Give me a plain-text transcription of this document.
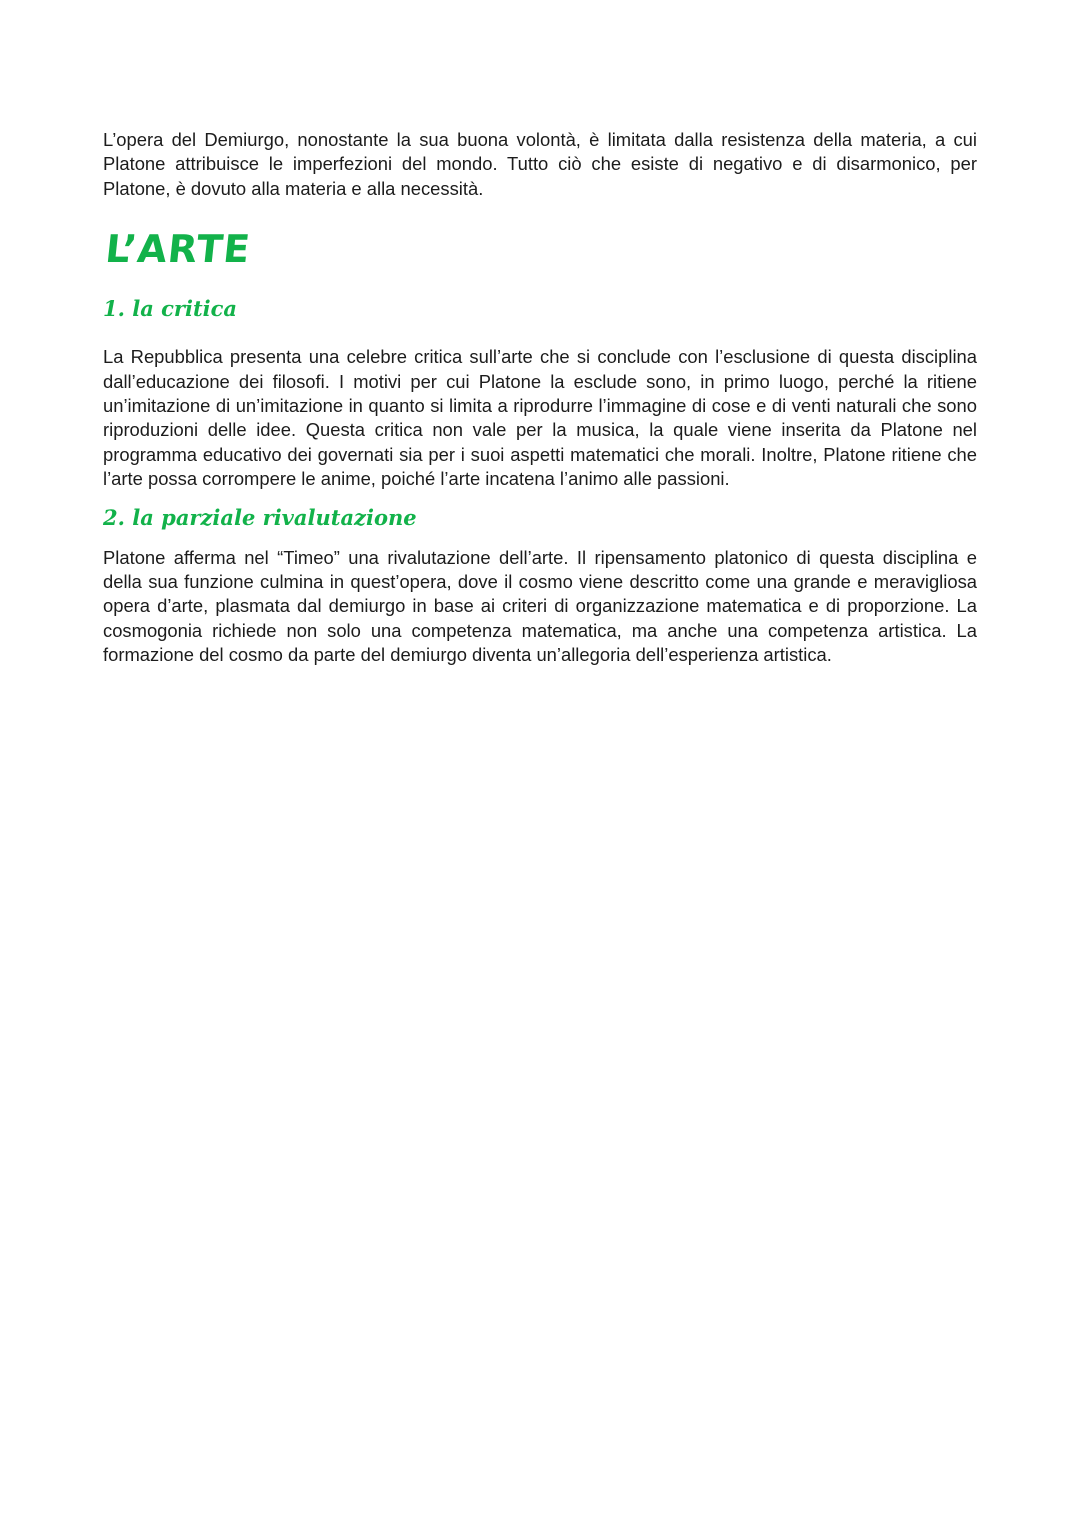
L’opera del Demiurgo, nonostante la sua buona volontà, è limitata dalla resistenza della materia, a cui Platone attribuisce le imperfezioni del mondo. Tutto ciò che esiste di negativo e di disarmonico, per Platone, è dovuto alla materia e alla necessità.

L’ARTE
1. la critica

La Repubblica presenta una celebre critica sull’arte che si conclude con l’esclusione di questa disciplina dall’educazione dei filosofi. I motivi per cui Platone la esclude sono, in primo luogo, perché la ritiene un’imitazione di un’imitazione in quanto si limita a riprodurre l’immagine di cose e di venti naturali che sono riproduzioni delle idee. Questa critica non vale per la musica, la quale viene inserita da Platone nel programma educativo dei governati sia per i suoi aspetti matematici che morali. Inoltre, Platone ritiene che l’arte possa corrompere le anime, poiché l’arte incatena l’animo alle passioni.

2. la parziale rivalutazione

Platone afferma nel “Timeo” una rivalutazione dell’arte. Il ripensamento platonico di questa disciplina e della sua funzione culmina in quest’opera, dove il cosmo viene descritto come una grande e meravigliosa opera d’arte, plasmata dal demiurgo in base ai criteri di organizzazione matematica e di proporzione. La cosmogonia richiede non solo una competenza matematica, ma anche una competenza artistica. La formazione del cosmo da parte del demiurgo diventa un’allegoria dell’esperienza artistica.
